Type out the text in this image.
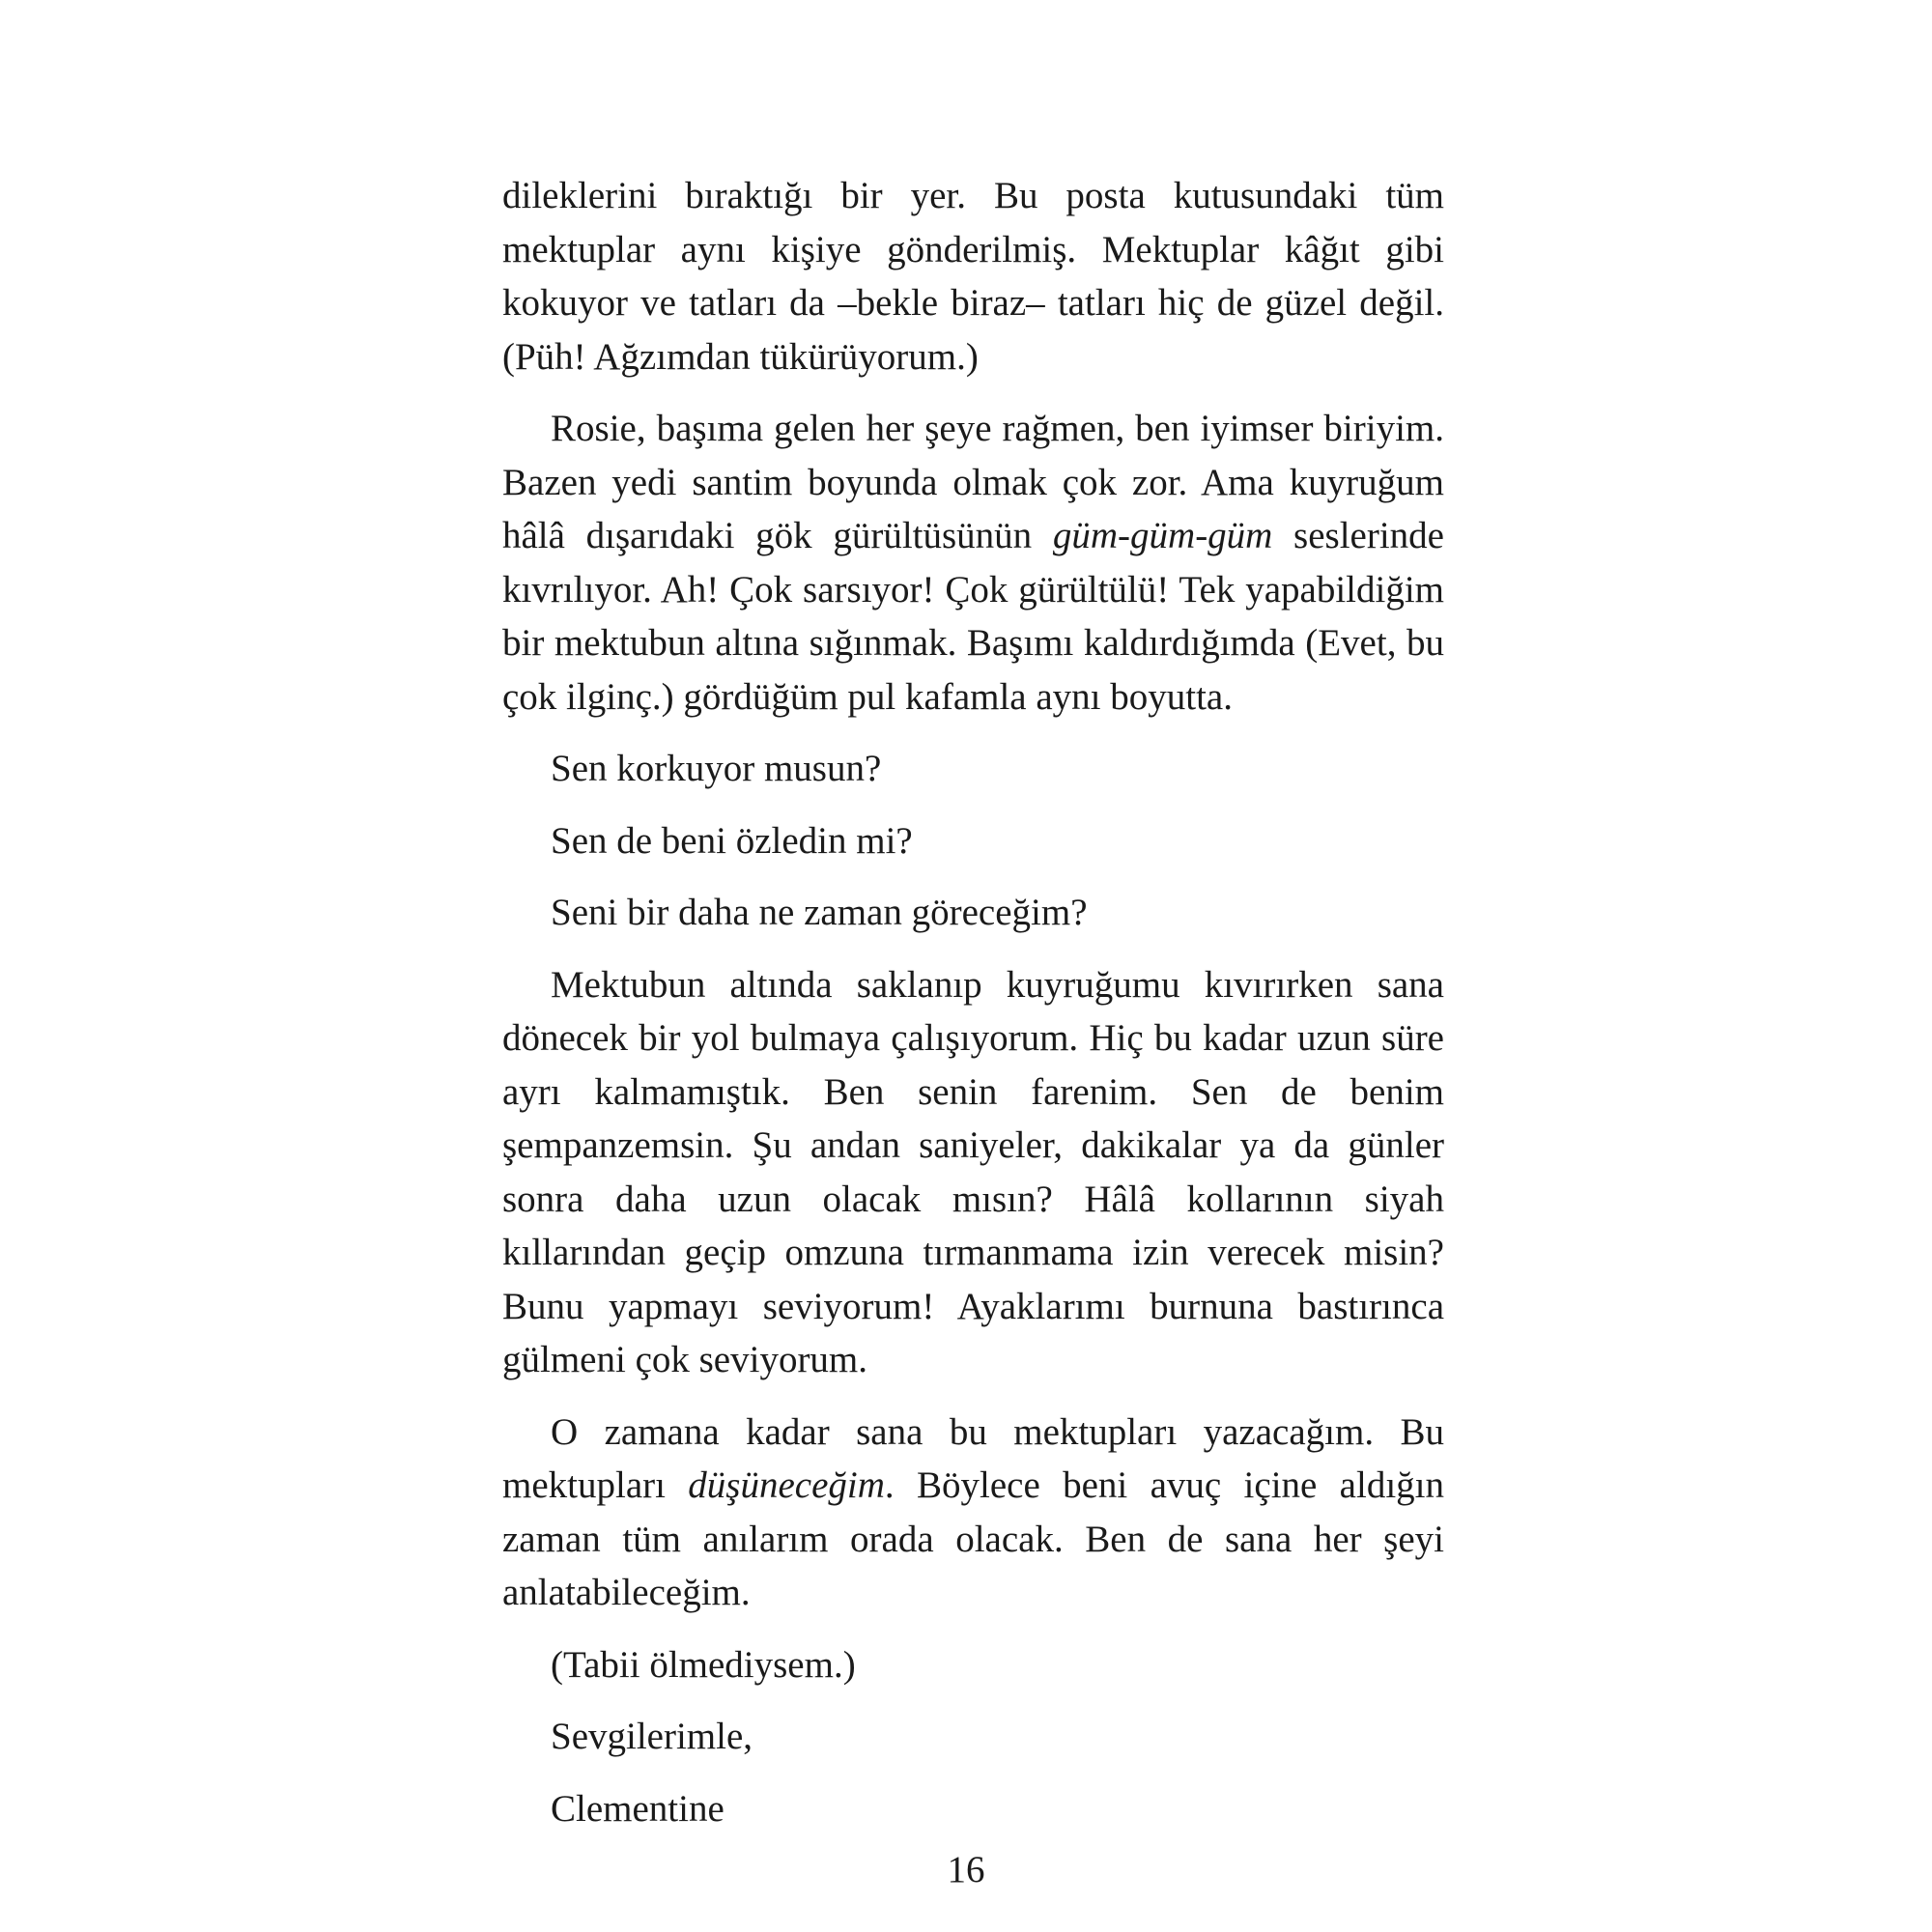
dileklerini bıraktığı bir yer. Bu posta kutusundaki tüm mektuplar aynı kişiye gönderilmiş. Mektuplar kâğıt gibi kokuyor ve tatları da –bekle biraz– tatları hiç de güzel değil. (Püh! Ağzımdan tükürüyorum.)

Rosie, başıma gelen her şeye rağmen, ben iyimser biriyim. Bazen yedi santim boyunda olmak çok zor. Ama kuyruğum hâlâ dışarıdaki gök gürültüsünün güm-güm-güm seslerinde kıvrılıyor. Ah! Çok sarsıyor! Çok gürültülü! Tek yapabildiğim bir mektubun altına sığınmak. Başımı kaldırdığımda (Evet, bu çok ilginç.) gördüğüm pul kafamla aynı boyutta.

Sen korkuyor musun?

Sen de beni özledin mi?

Seni bir daha ne zaman göreceğim?

Mektubun altında saklanıp kuyruğumu kıvırırken sana dönecek bir yol bulmaya çalışıyorum. Hiç bu kadar uzun süre ayrı kalmamıştık. Ben senin farenim. Sen de benim şempanzemsin. Şu andan saniyeler, dakikalar ya da günler sonra daha uzun olacak mısın? Hâlâ kollarının siyah kıllarından geçip omzuna tırmanmama izin verecek misin? Bunu yapmayı seviyorum! Ayaklarımı burnuna bastırınca gülmeni çok seviyorum.

O zamana kadar sana bu mektupları yazacağım. Bu mektupları düşüneceğim. Böylece beni avuç içine aldığın zaman tüm anılarım orada olacak. Ben de sana her şeyi anlatabileceğim.

(Tabii ölmediysem.)

Sevgilerimle,

Clementine

16
